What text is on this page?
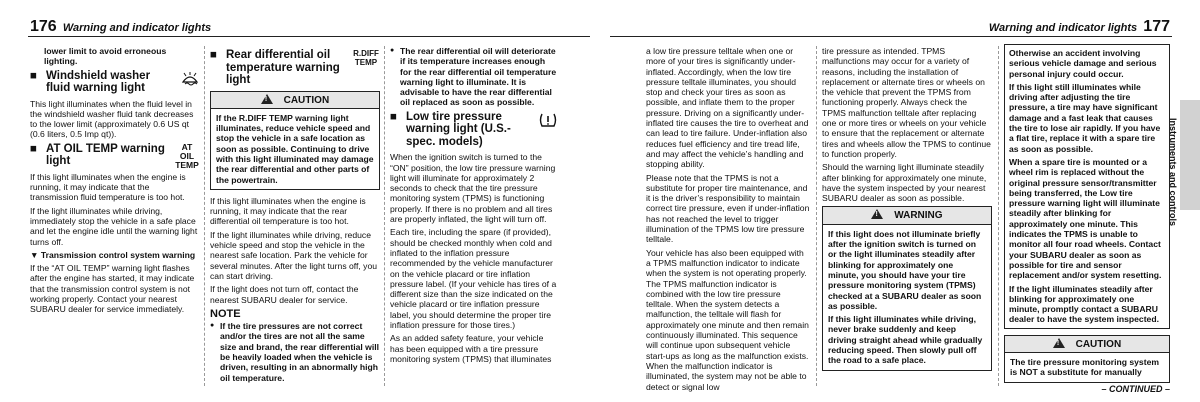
176 Warning and indicator lights

lower limit to avoid erroneous lighting.

■ Windshield washer fluid warning light

This light illuminates when the fluid level in the windshield washer fluid tank decreases to the lower limit (approximately 0.6 US qt (0.6 liters, 0.5 Imp qt)).

■ AT OIL TEMP warning light
AT OIL TEMP

If this light illuminates when the engine is running, it may indicate that the transmission fluid temperature is too hot.

If the light illuminates while driving, immediately stop the vehicle in a safe place and let the engine idle until the warning light turns off.

▼ Transmission control system warning

If the “AT OIL TEMP” warning light flashes after the engine has started, it may indicate that the transmission control system is not working properly. Contact your nearest SUBARU dealer for service immediately.

■ Rear differential oil temperature warning light
R.DIFF TEMP
! CAUTION
If the R.DIFF TEMP warning light illuminates, reduce vehicle speed and stop the vehicle in a safe location as soon as possible. Continuing to drive with this light illuminated may damage the rear differential and other parts of the powertrain.

If this light illuminates when the engine is running, it may indicate that the rear differential oil temperature is too hot.

If the light illuminates while driving, reduce vehicle speed and stop the vehicle in the nearest safe location. Park the vehicle for several minutes. After the light turns off, you can start driving.

If the light does not turn off, contact the nearest SUBARU dealer for service.

NOTE

● If the tire pressures are not correct and/or the tires are not all the same size and brand, the rear differential will be heavily loaded when the vehicle is driven, resulting in an abnormally high oil temperature.

● The rear differential oil will deteriorate if its temperature increases enough for the rear differential oil temperature warning light to illuminate. It is advisable to have the rear differential oil replaced as soon as possible.

■ Low tire pressure warning light (U.S.-spec. models)

When the ignition switch is turned to the “ON” position, the low tire pressure warning light will illuminate for approximately 2 seconds to check that the tire pressure monitoring system (TPMS) is functioning properly. If there is no problem and all tires are properly inflated, the light will turn off.

Each tire, including the spare (if provided), should be checked monthly when cold and inflated to the inflation pressure recommended by the vehicle manufacturer on the vehicle placard or tire inflation pressure label. (If your vehicle has tires of a different size than the size indicated on the vehicle placard or tire inflation pressure label, you should determine the proper tire inflation pressure for those tires.)

As an added safety feature, your vehicle has been equipped with a tire pressure monitoring system (TPMS) that illuminates

Warning and indicator lights 177

a low tire pressure telltale when one or more of your tires is significantly under-inflated. Accordingly, when the low tire pressure telltale illuminates, you should stop and check your tires as soon as possible, and inflate them to the proper pressure. Driving on a significantly under-inflated tire causes the tire to overheat and can lead to tire failure. Under-inflation also reduces fuel efficiency and tire tread life, and may affect the vehicle’s handling and stopping ability.

Please note that the TPMS is not a substitute for proper tire maintenance, and it is the driver’s responsibility to maintain correct tire pressure, even if under-inflation has not reached the level to trigger illumination of the TPMS low tire pressure telltale.

Your vehicle has also been equipped with a TPMS malfunction indicator to indicate when the system is not operating properly. The TPMS malfunction indicator is combined with the low tire pressure telltale. When the system detects a malfunction, the telltale will flash for approximately one minute and then remain continuously illuminated. This sequence will continue upon subsequent vehicle start-ups as long as the malfunction exists. When the malfunction indicator is illuminated, the system may not be able to detect or signal low

tire pressure as intended. TPMS malfunctions may occur for a variety of reasons, including the installation of replacement or alternate tires or wheels on the vehicle that prevent the TPMS from functioning properly. Always check the TPMS malfunction telltale after replacing one or more tires or wheels on your vehicle to ensure that the replacement or alternate tires and wheels allow the TPMS to continue to function properly.

Should the warning light illuminate steadily after blinking for approximately one minute, have the system inspected by your nearest SUBARU dealer as soon as possible.

! WARNING

If this light does not illuminate briefly after the ignition switch is turned on or the light illuminates steadily after blinking for approximately one minute, you should have your tire pressure monitoring system (TPMS) checked at a SUBARU dealer as soon as possible.

If this light illuminates while driving, never brake suddenly and keep driving straight ahead while gradually reducing speed. Then slowly pull off the road to a safe place.

Otherwise an accident involving serious vehicle damage and serious personal injury could occur.

If this light still illuminates while driving after adjusting the tire pressure, a tire may have significant damage and a fast leak that causes the tire to lose air rapidly. If you have a flat tire, replace it with a spare tire as soon as possible.

When a spare tire is mounted or a wheel rim is replaced without the original pressure sensor/transmitter being transferred, the Low tire pressure warning light will illuminate steadily after blinking for approximately one minute. This indicates the TPMS is unable to monitor all four road wheels. Contact your SUBARU dealer as soon as possible for tire and sensor replacement and/or system resetting.

If the light illuminates steadily after blinking for approximately one minute, promptly contact a SUBARU dealer to have the system inspected.

! CAUTION
The tire pressure monitoring system is NOT a substitute for manually
Instruments and controls
– CONTINUED –
